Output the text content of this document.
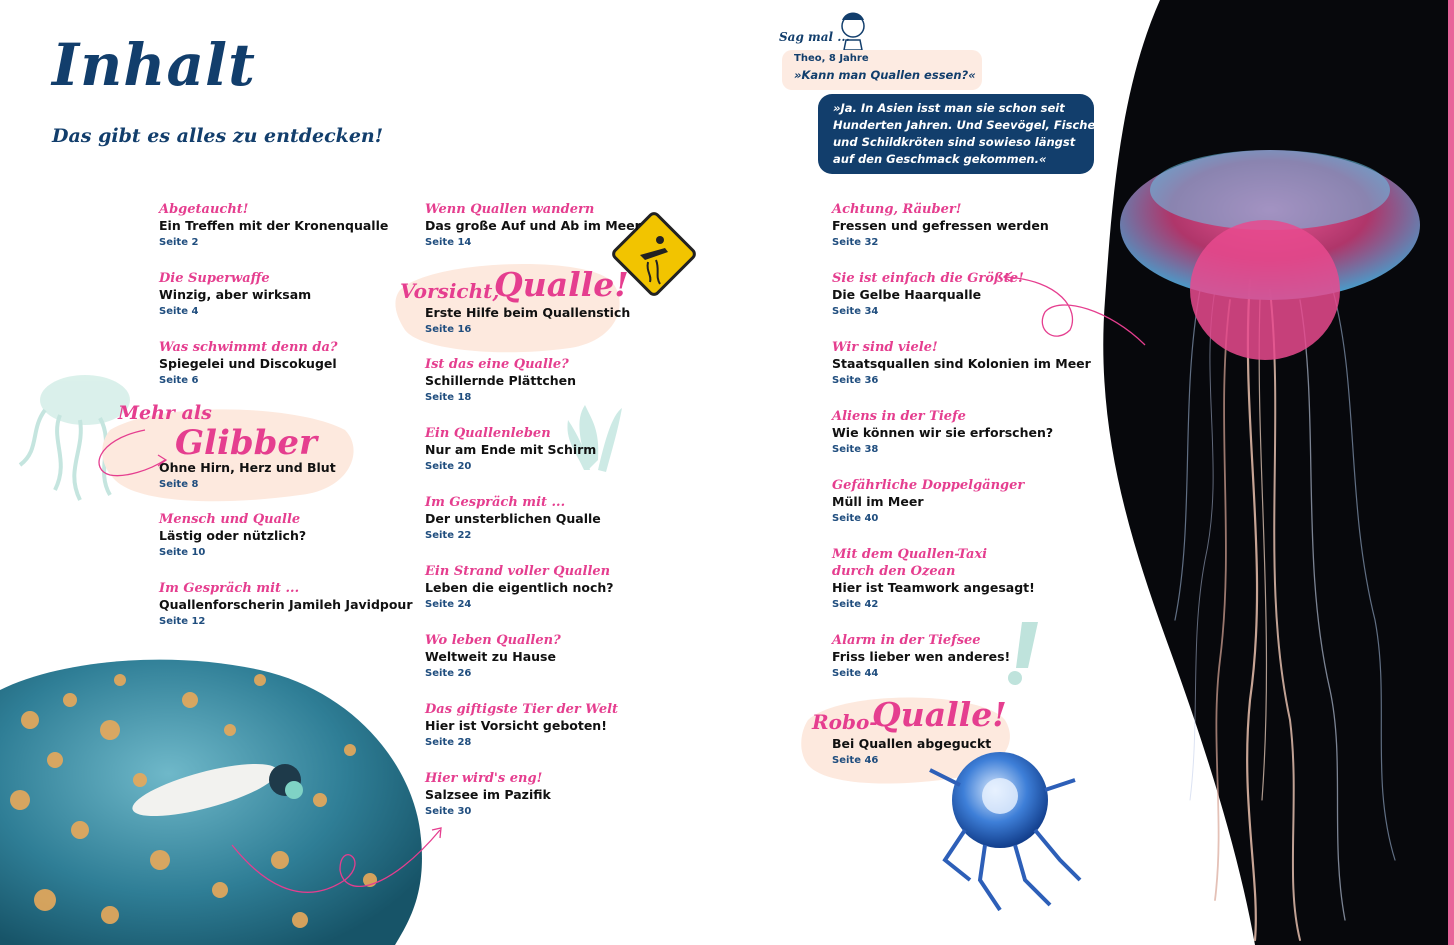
Inhalt
Das gibt es alles zu entdecken!
Mehr als
Glibber
Vorsicht,
Qualle!
Robo-
Qualle!
Abgetaucht!
Ein Treffen mit der Kronenqualle
Seite 2
Die Superwaffe
Winzig, aber wirksam
Seite 4
Was schwimmt denn da?
Spiegelei und Discokugel
Seite 6
Ohne Hirn, Herz und Blut
Seite 8
Mensch und Qualle
Lästig oder nützlich?
Seite 10
Im Gespräch mit ...
Quallenforscherin Jamileh Javidpour
Seite 12
Wenn Quallen wandern
Das große Auf und Ab im Meer
Seite 14
Erste Hilfe beim Quallenstich
Seite 16
Ist das eine Qualle?
Schillernde Plättchen
Seite 18
Ein Quallenleben
Nur am Ende mit Schirm
Seite 20
Im Gespräch mit ...
Der unsterblichen Qualle
Seite 22
Ein Strand voller Quallen
Leben die eigentlich noch?
Seite 24
Wo leben Quallen?
Weltweit zu Hause
Seite 26
Das giftigste Tier der Welt
Hier ist Vorsicht geboten!
Seite 28
Hier wird's eng!
Salzsee im Pazifik
Seite 30
Achtung, Räuber!
Fressen und gefressen werden
Seite 32
Sie ist einfach die Größte!
Die Gelbe Haarqualle
Seite 34
Wir sind viele!
Staatsquallen sind Kolonien im Meer
Seite 36
Aliens in der Tiefe
Wie können wir sie erforschen?
Seite 38
Gefährliche Doppelgänger
Müll im Meer
Seite 40
Mit dem Quallen-Taxi
durch den Ozean
Hier ist Teamwork angesagt!
Seite 42
Alarm in der Tiefsee
Friss lieber wen anderes!
Seite 44
Bei Quallen abgeguckt
Seite 46
Sag mal ...
Theo, 8 Jahre
»Kann man Quallen essen?«
»Ja. In Asien isst man sie schon seit
Hunderten Jahren. Und Seevögel, Fische
und Schildkröten sind sowieso längst
auf den Geschmack gekommen.«
